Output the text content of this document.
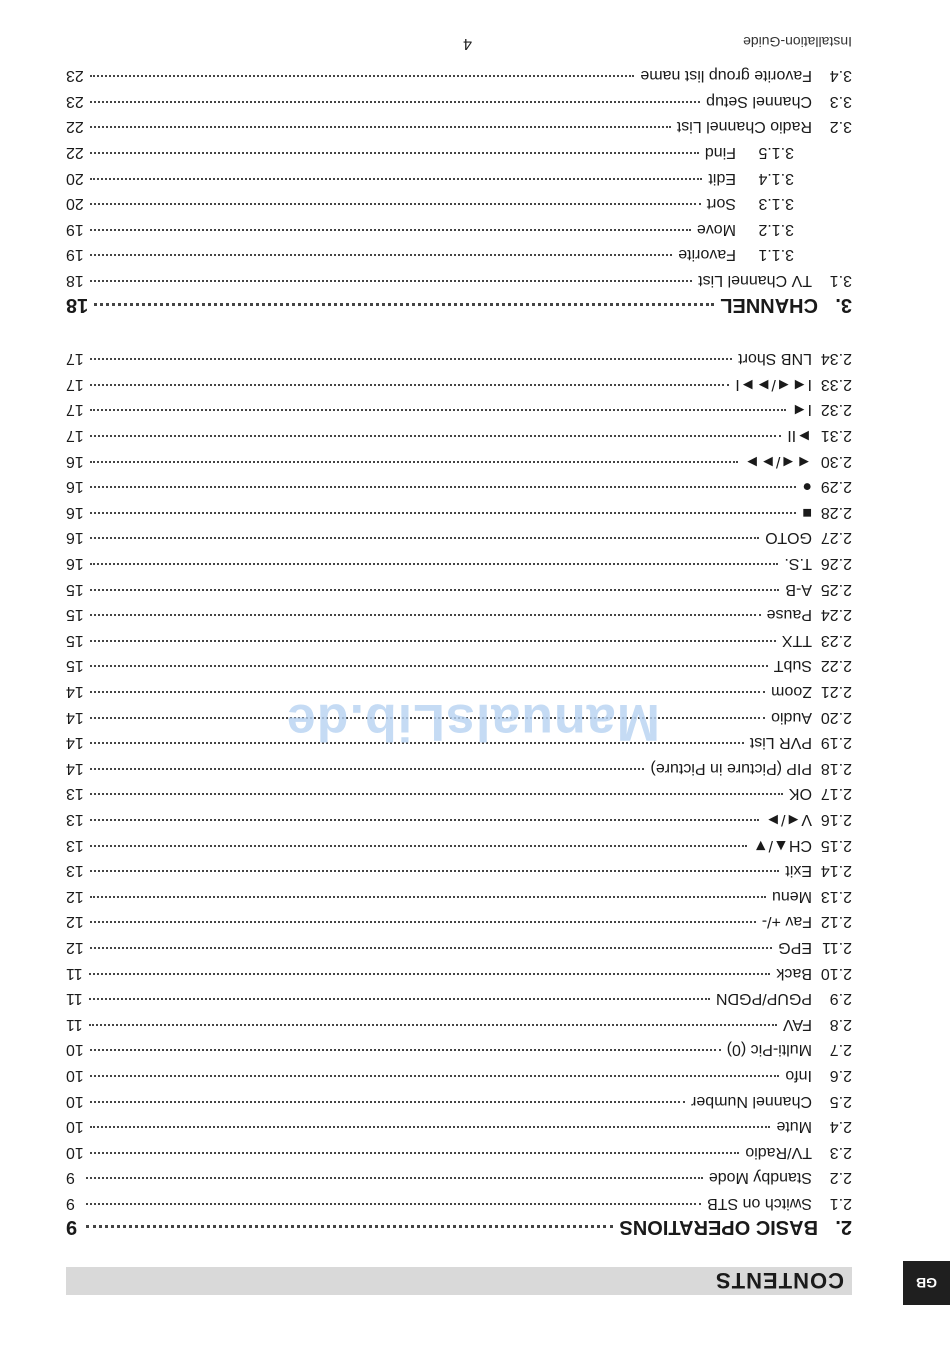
GB
CONTENTS
2.
BASIC OPERATIONS
9
2.1
Switch on STB
9
2.2
Standby Mode
9
2.3
TV/Radio
10
2.4
Mute
10
2.5
Channel Number
10
2.6
Info
10
2.7
Multi-Pic (0)
10
2.8
FAV
11
2.9
PGUP/PGDN
11
2.10
Back
11
2.11
EPG
12
2.12
Fav +/-
12
2.13
Menu
12
2.14
Exit
13
2.15
CH▲/▼
13
2.16
V◄/►
13
2.17
OK
13
2.18
PIP (Picture in Picture)
14
2.19
PVR List
14
2.20
Audio
14
2.21
Zoom
14
2.22
SubT
15
2.23
TTX
15
2.24
Pause
15
2.25
A-B
15
2.26
T.S.
16
2.27
GOTO
16
2.28
■
16
2.29
●
16
2.30
◄◄/►►
16
2.31
►II
17
2.32
I◄
17
2.33
I◄◄/►►I
17
2.34
LNB Short
17
3.
CHANNEL
18
3.1
TV Channel List
18
3.1.1
Favorite
19
3.1.2
Move
19
3.1.3
Sort
20
3.1.4
Edit
20
3.1.5
Find
22
3.2
Radio Channel List
22
3.3
Channel Setup
23
3.4
Favorite group list name
23
ManualsLib.de
Installation-Guide
4
